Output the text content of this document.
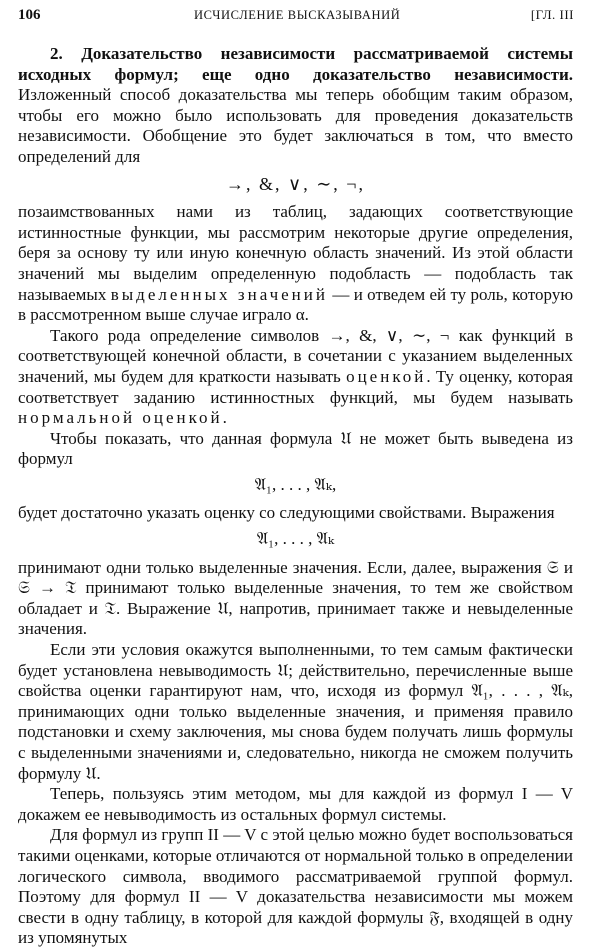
106	ИСЧИСЛЕНИЕ ВЫСКАЗЫВАНИЙ	[ГЛ. III

2. Доказательство независимости рассматриваемой системы исходных формул; еще одно доказательство независимости. Изложенный способ доказательства мы теперь обобщим таким образом, чтобы его можно было использовать для проведения доказательств независимости. Обобщение это будет заключаться в том, что вместо определений для

→, &, ∨, ∼, ¬,

позаимствованных нами из таблиц, задающих соответствующие истинностные функции, мы рассмотрим некоторые другие определения, беря за основу ту или иную конечную область значений. Из этой области значений мы выделим определенную подобласть — подобласть так называемых выделенных значений — и отведем ей ту роль, которую в рассмотренном выше случае играло α.

Такого рода определение символов →, &, ∨, ∼, ¬ как функций в соответствующей конечной области, в сочетании с указанием выделенных значений, мы будем для краткости называть оценкой. Ту оценку, которая соответствует заданию истинностных функций, мы будем называть нормальной оценкой.

Чтобы показать, что данная формула 𝔘 не может быть выведена из формул

𝔄₁, . . . , 𝔄ₖ,

будет достаточно указать оценку со следующими свойствами. Выражения

𝔄₁, . . . , 𝔄ₖ

принимают одни только выделенные значения. Если, далее, выражения 𝔖 и 𝔖 → 𝔗 принимают только выделенные значения, то тем же свойством обладает и 𝔗. Выражение 𝔘, напротив, принимает также и невыделенные значения.

Если эти условия окажутся выполненными, то тем самым фактически будет установлена невыводимость 𝔘; действительно, перечисленные выше свойства оценки гарантируют нам, что, исходя из формул 𝔄₁, . . . , 𝔄ₖ, принимающих одни только выделенные значения, и применяя правило подстановки и схему заключения, мы снова будем получать лишь формулы с выделенными значениями и, следовательно, никогда не сможем получить формулу 𝔘.

Теперь, пользуясь этим методом, мы для каждой из формул I — V докажем ее невыводимость из остальных формул системы.

Для формул из групп II — V с этой целью можно будет воспользоваться такими оценками, которые отличаются от нормальной только в определении логического символа, вводимого рассматриваемой группой формул. Поэтому для формул II — V доказательства независимости мы можем свести в одну таблицу, в которой для каждой формулы 𝔉, входящей в одну из упомянутых
